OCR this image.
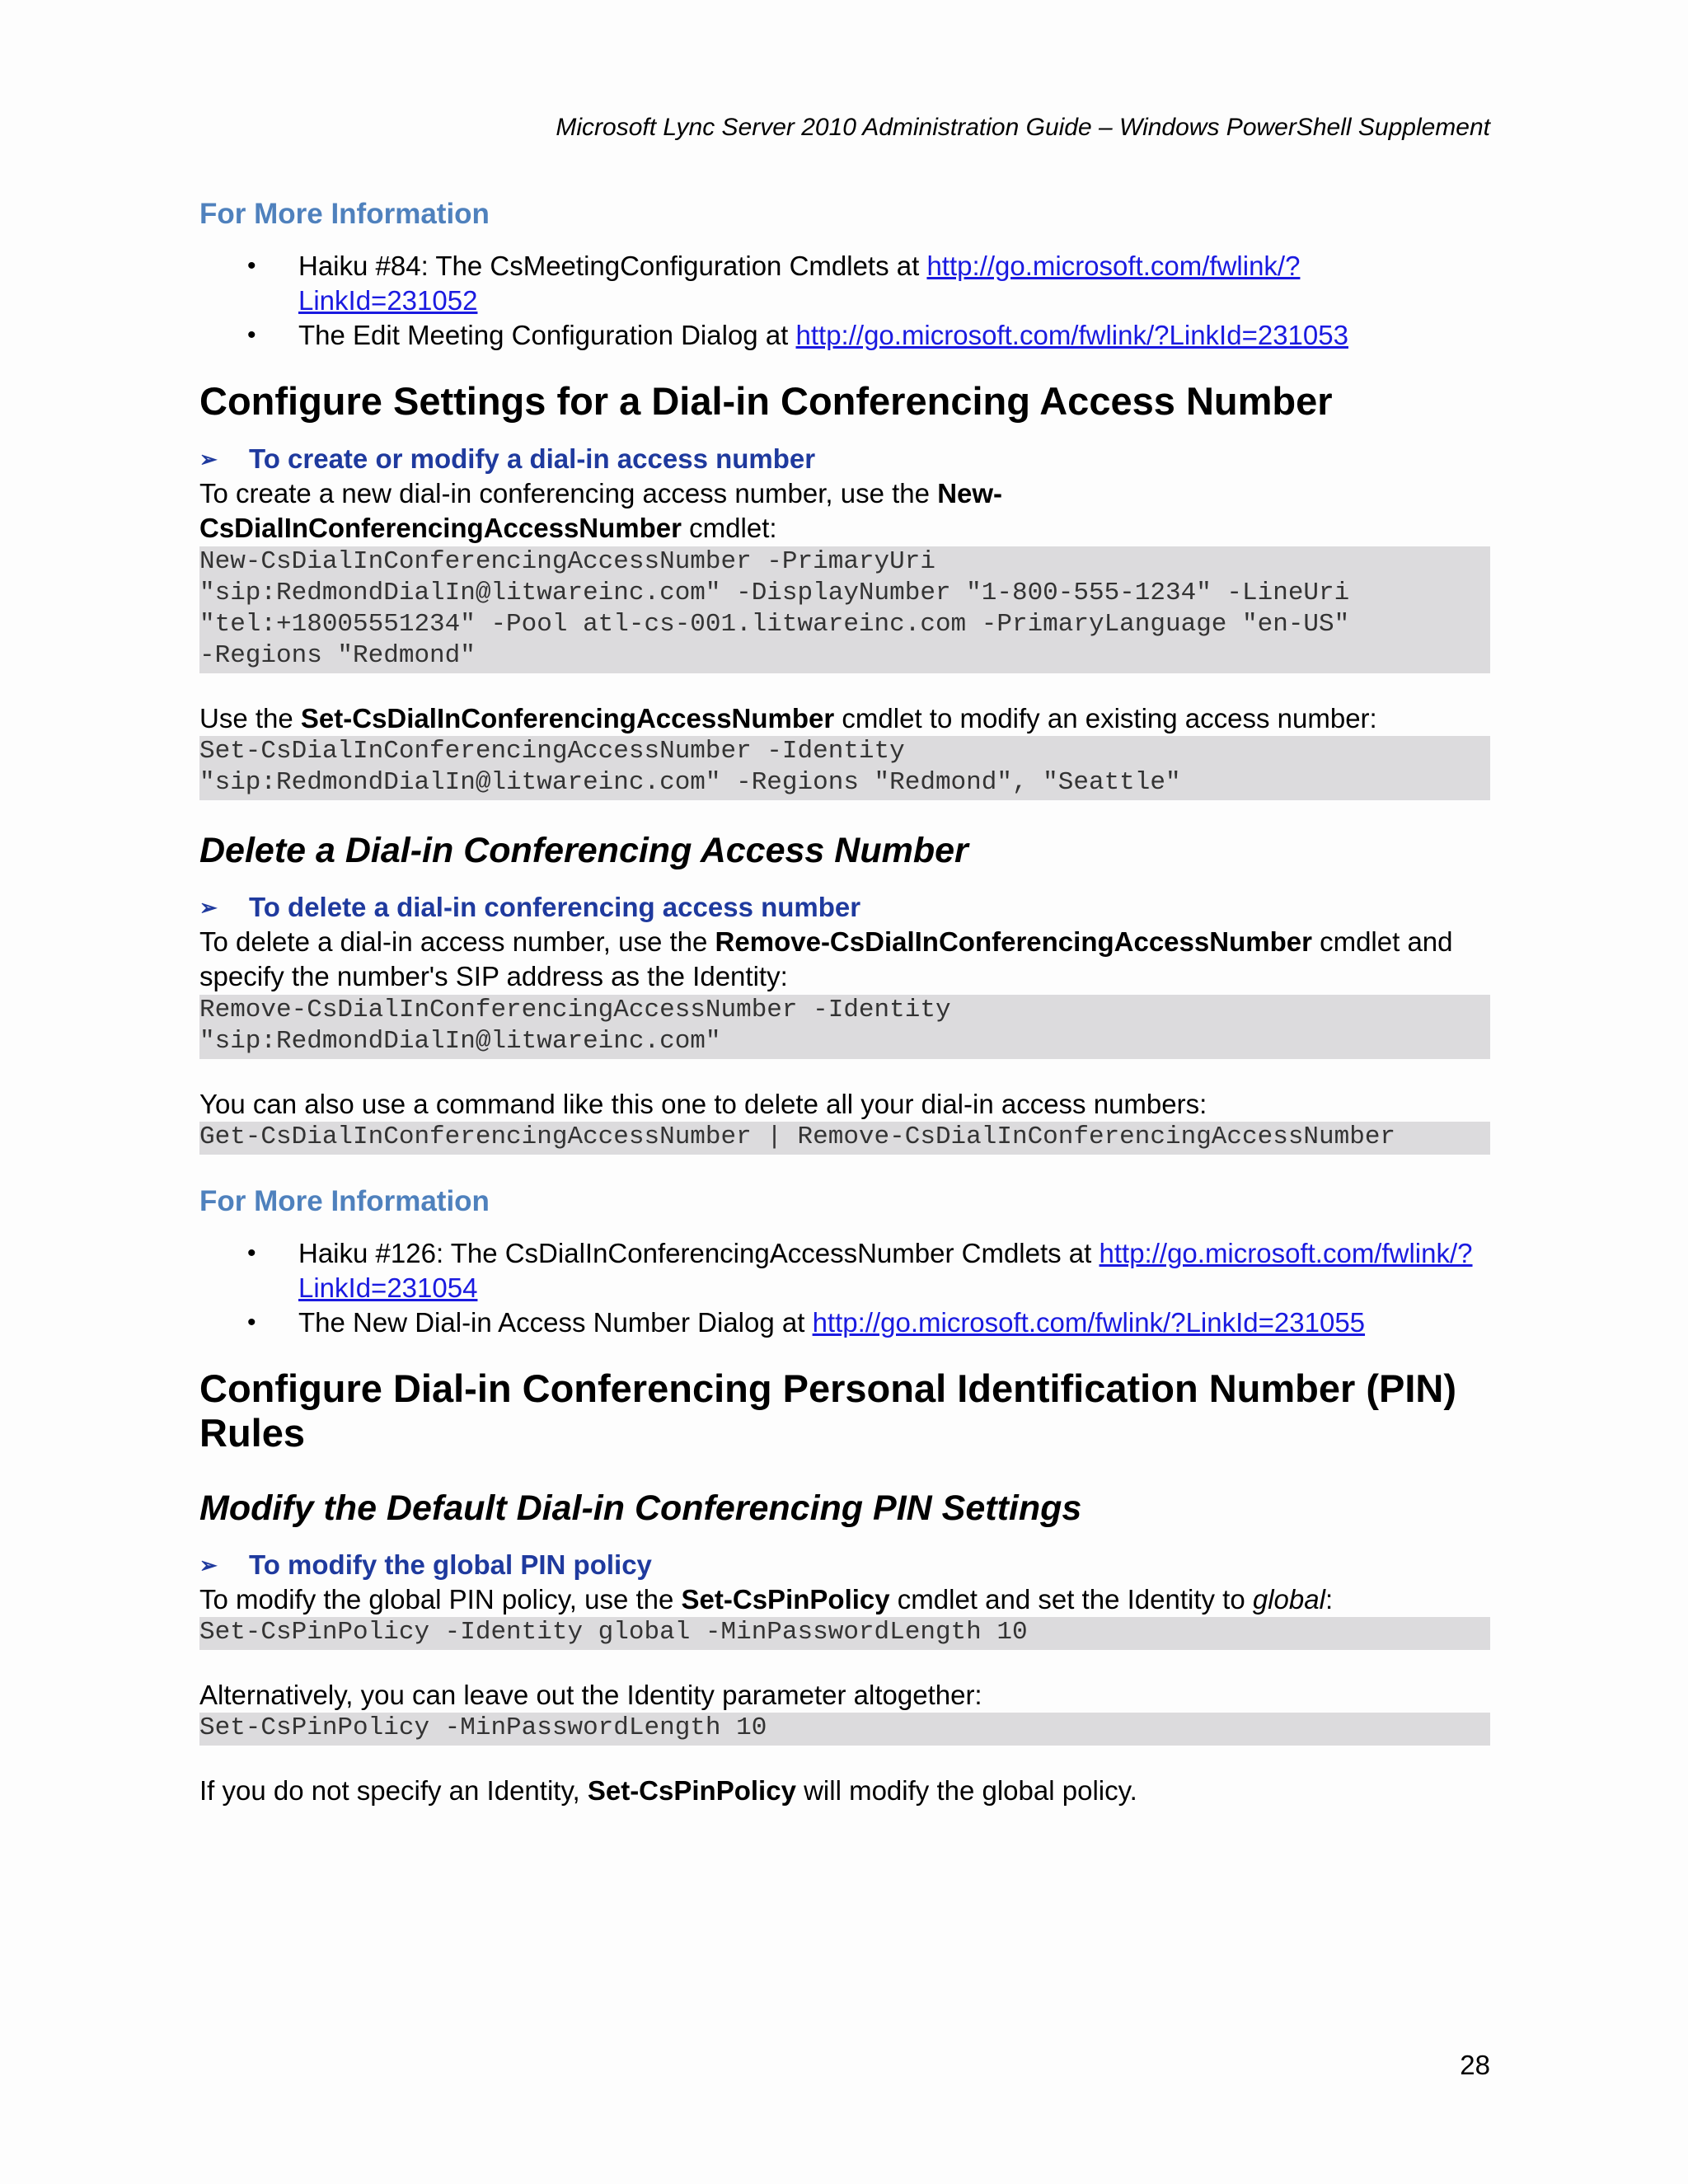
Microsoft Lync Server 2010 Administration Guide – Windows PowerShell Supplement

For More Information

• Haiku #84: The CsMeetingConfiguration Cmdlets at http://go.microsoft.com/fwlink/?
LinkId=231052
• The Edit Meeting Configuration Dialog at http://go.microsoft.com/fwlink/?LinkId=231053

Configure Settings for a Dial-in Conferencing Access Number

➢	To create or modify a dial-in access number

To create a new dial-in conferencing access number, use the New-
CsDialInConferencingAccessNumber cmdlet:

New-CsDialInConferencingAccessNumber -PrimaryUri
"sip:RedmondDialIn@litwareinc.com" -DisplayNumber "1-800-555-1234" -LineUri
"tel:+18005551234" -Pool atl-cs-001.litwareinc.com -PrimaryLanguage "en-US"
-Regions "Redmond"

Use the Set-CsDialInConferencingAccessNumber cmdlet to modify an existing access number:

Set-CsDialInConferencingAccessNumber -Identity
"sip:RedmondDialIn@litwareinc.com" -Regions "Redmond", "Seattle"

Delete a Dial-in Conferencing Access Number

➢	To delete a dial-in conferencing access number

To delete a dial-in access number, use the Remove-CsDialInConferencingAccessNumber cmdlet and
specify the number's SIP address as the Identity:

Remove-CsDialInConferencingAccessNumber -Identity
"sip:RedmondDialIn@litwareinc.com"

You can also use a command like this one to delete all your dial-in access numbers:

Get-CsDialInConferencingAccessNumber | Remove-CsDialInConferencingAccessNumber

For More Information

• Haiku #126: The CsDialInConferencingAccessNumber Cmdlets at http://go.microsoft.com/fwlink/?
LinkId=231054
• The New Dial-in Access Number Dialog at http://go.microsoft.com/fwlink/?LinkId=231055

Configure Dial-in Conferencing Personal Identification Number (PIN)
Rules

Modify the Default Dial-in Conferencing PIN Settings

➢	To modify the global PIN policy

To modify the global PIN policy, use the Set-CsPinPolicy cmdlet and set the Identity to global:

Set-CsPinPolicy -Identity global -MinPasswordLength 10

Alternatively, you can leave out the Identity parameter altogether:

Set-CsPinPolicy -MinPasswordLength 10

If you do not specify an Identity, Set-CsPinPolicy will modify the global policy.

28
